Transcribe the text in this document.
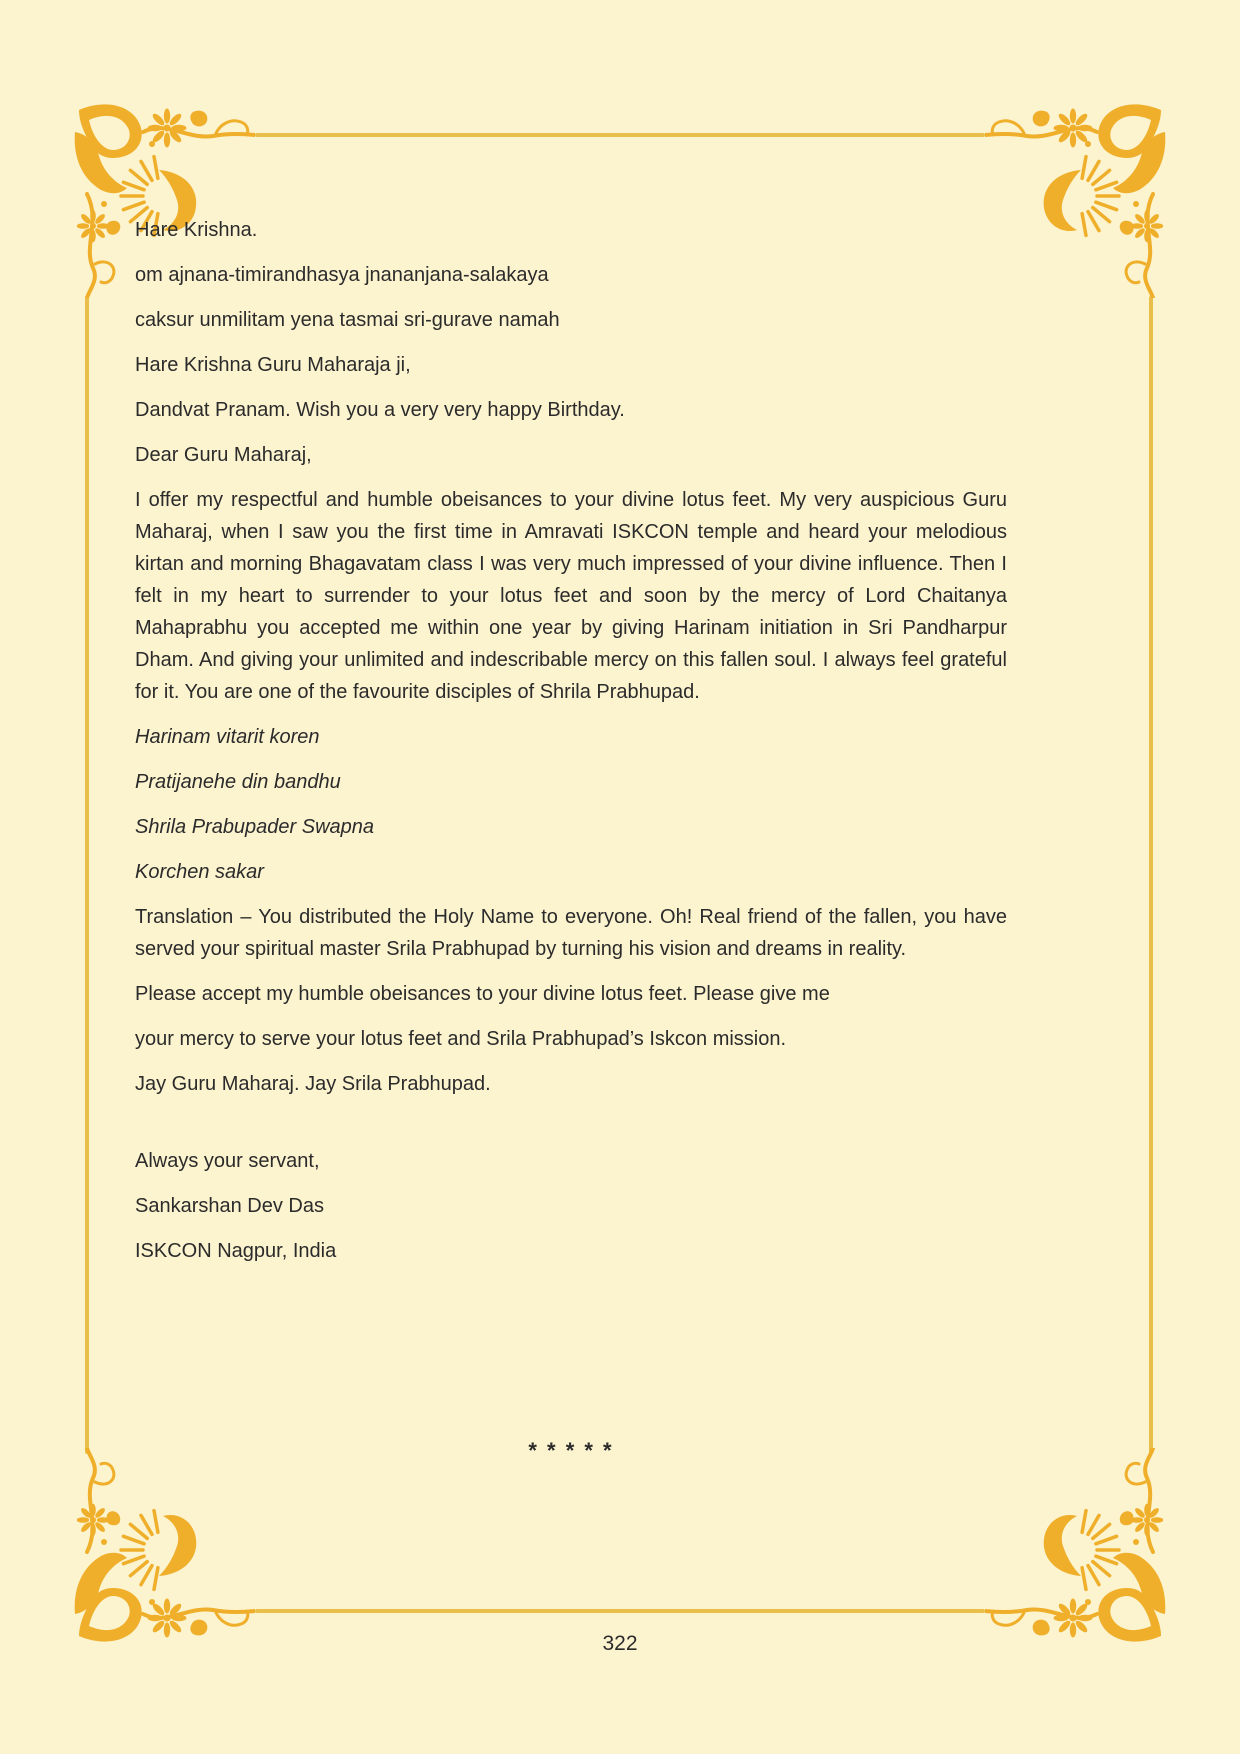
Hare Krishna.

om ajnana-timirandhasya jnananjana-salakaya

caksur unmilitam yena tasmai sri-gurave namah

Hare Krishna Guru Maharaja ji,

Dandvat Pranam. Wish you a very very happy Birthday.

Dear Guru Maharaj,

I offer my respectful and humble obeisances to your divine lotus feet. My very auspicious Guru Maharaj, when I saw you the first time in Amravati ISKCON temple and heard your melodious kirtan and morning Bhagavatam class I was very much impressed of your divine influence. Then I felt in my heart to surrender to your lotus feet and soon by the mercy of Lord Chaitanya Mahaprabhu you accepted me within one year by giving Harinam initiation in Sri Pandharpur Dham. And giving your unlimited and indescribable mercy on this fallen soul. I always feel grateful for it. You are one of the favourite disciples of Shrila Prabhupad.

Harinam vitarit koren

Pratijanehe din bandhu

Shrila Prabupader Swapna

Korchen sakar

Translation – You distributed the Holy Name to everyone. Oh! Real friend of the fallen, you have served your spiritual master Srila Prabhupad by turning his vision and dreams in reality.

Please accept my humble obeisances to your divine lotus feet. Please give me

your mercy to serve your lotus feet and Srila Prabhupad’s Iskcon mission.

Jay Guru Maharaj. Jay Srila Prabhupad.

Always your servant,

Sankarshan Dev Das

ISKCON Nagpur, India

* * * * *
322
